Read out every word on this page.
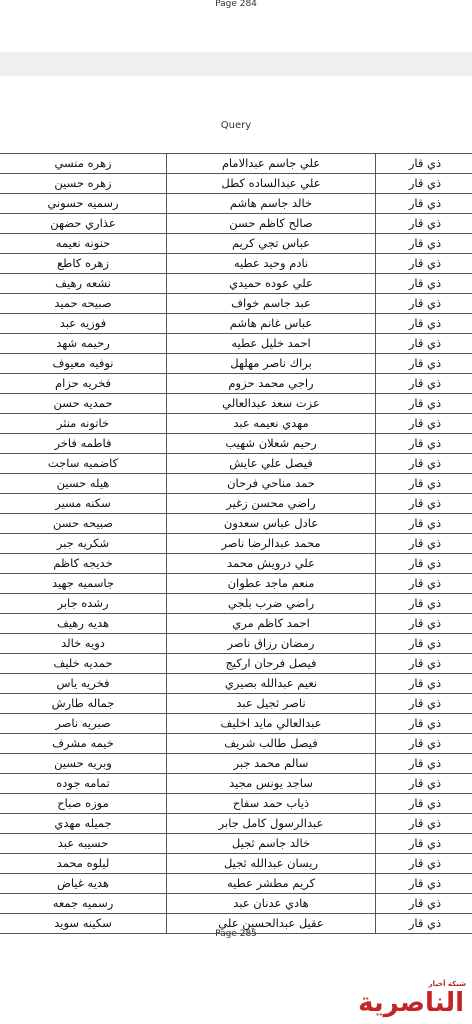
Page 284
Query
ذي قار	علي جاسم عبدالامام	زهره منسي
ذي قار	علي عبدالساده كطل	زهره حسين
ذي قار	خالد جاسم هاشم	رسميه حسوني
ذي قار	صالح كاظم حسن	عذاري حضهن
ذي قار	عباس تجي كريم	حنونه نعيمه
ذي قار	نادم وحيد عطيه	زهره كاطع
ذي قار	علي عوده حميدي	نشعه رهيف
ذي قار	عبد جاسم خواف	صبيحه حميد
ذي قار	عباس غانم هاشم	فوزيه عبد
ذي قار	احمد خليل عطيه	رحيمه شهد
ذي قار	براك ناصر مهلهل	نوفيه معيوف
ذي قار	راجي محمد حزوم	فخريه حزام
ذي قار	عزت سعد عبدالعالي	حمديه حسن
ذي قار	مهدي نعيمه عبد	خاتونه منثر
ذي قار	رحيم شعلان شهيب	فاطمه فاخر
ذي قار	فيصل علي عايش	كاضميه ساجت
ذي قار	حمد مناحي فرحان	هيله حسين
ذي قار	راضي محسن زغير	سكنه مسير
ذي قار	عادل عباس سعدون	صبيحه حسن
ذي قار	محمد عبدالرضا ناصر	شكريه جبر
ذي قار	علي درويش محمد	خديجه كاظم
ذي قار	منعم ماجد عطوان	جاسميه جهيد
ذي قار	راضي ضرب بلجي	رشده جابر
ذي قار	احمد كاظم مري	هديه رهيف
ذي قار	رمضان رزاق ناصر	دويه خالد
ذي قار	فيصل فرحان اركيج	حمديه خليف
ذي قار	نعيم عبدالله بصيري	فخريه ياس
ذي قار	ناصر ثجيل عبد	جماله طارش
ذي قار	عبدالعالي مايد اخليف	صبريه ناصر
ذي قار	فيصل طالب شريف	خيمه مشرف
ذي قار	سالم محمد جبر	وبريه حسين
ذي قار	ساجد يونس مجيد	تمامه جوده
ذي قار	ذياب حمد سفاح	موزه صباح
ذي قار	عبدالرسول كامل جابر	جميله مهدي
ذي قار	خالد جاسم ثجيل	حسيبه عبد
ذي قار	ريسان عبدالله ثجيل	ليلوه محمد
ذي قار	كريم مطشر عطيه	هديه غياض
ذي قار	هادي عدنان عبد	رسميه جمعه
ذي قار	عقيل عبدالحسين علي	سكينه سويد
Page 285
شبكة أخبار
الناصرية
